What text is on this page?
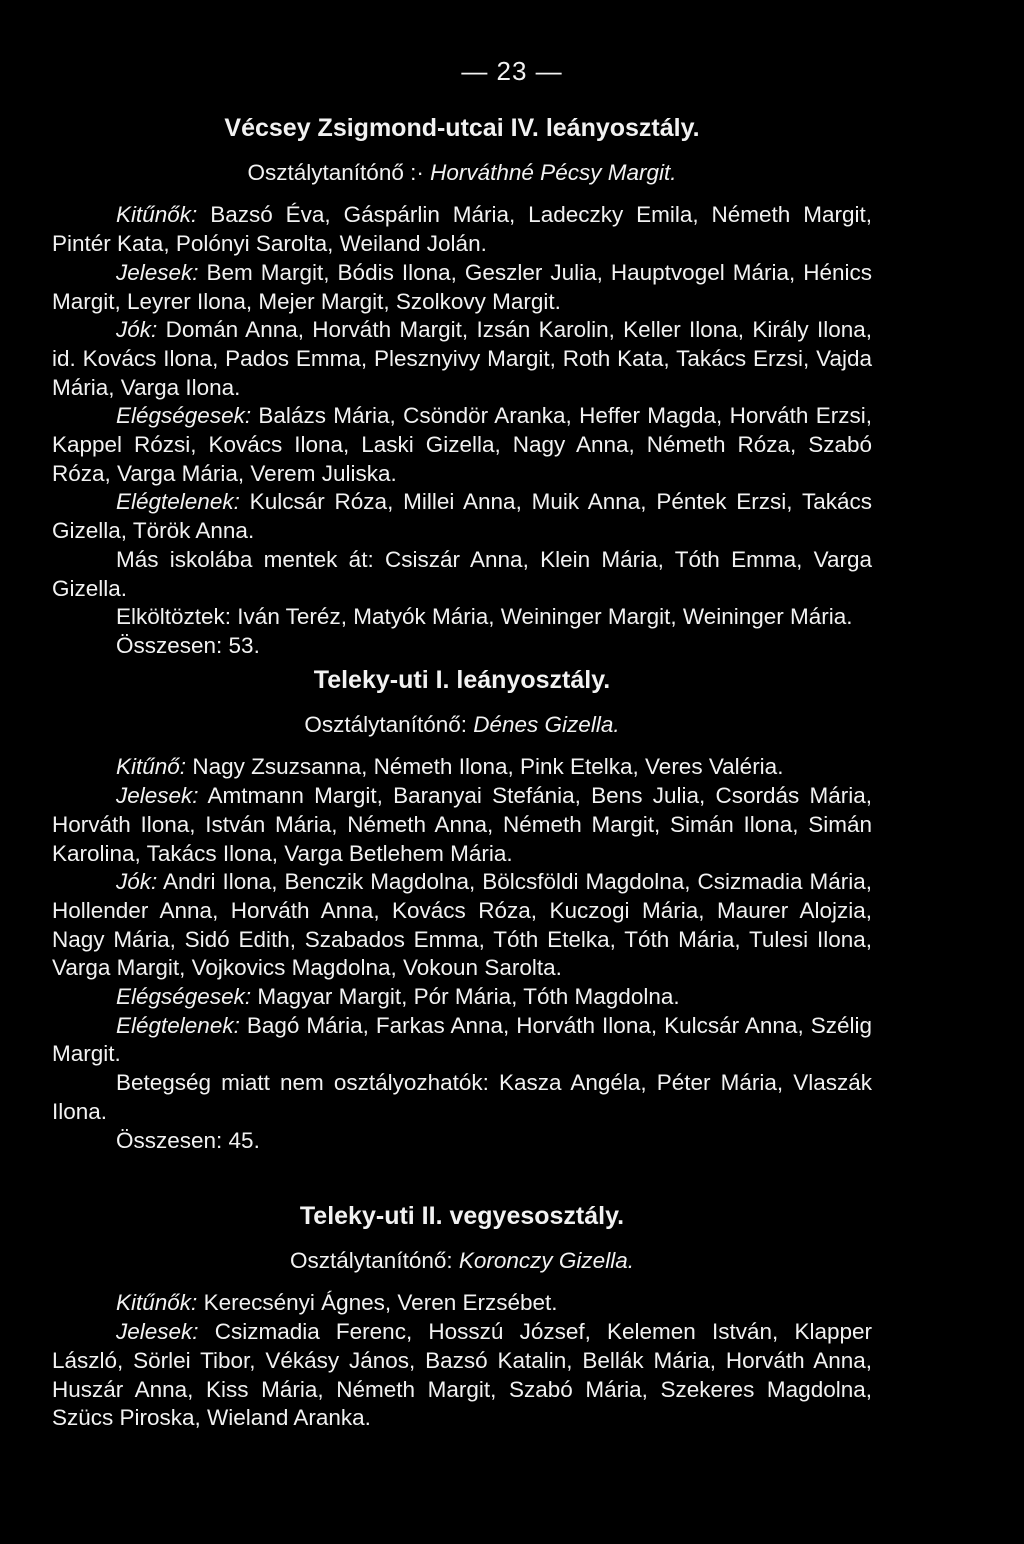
— 23 —
Vécsey Zsigmond-utcai IV. leányosztály.
Osztálytanítónő :· Horváthné Pécsy Margit.

Kitűnők: Bazsó Éva, Gáspárlin Mária, Ladeczky Emila, Németh Margit, Pintér Kata, Polónyi Sarolta, Weiland Jolán.

Jelesek: Bem Margit, Bódis Ilona, Geszler Julia, Hauptvogel Mária, Hénics Margit, Leyrer Ilona, Mejer Margit, Szolkovy Margit.

Jók: Domán Anna, Horváth Margit, Izsán Karolin, Keller Ilona, Király Ilona, id. Kovács Ilona, Pados Emma, Plesznyivy Margit, Roth Kata, Takács Erzsi, Vajda Mária, Varga Ilona.

Elégségesek: Balázs Mária, Csöndör Aranka, Heffer Magda, Horváth Erzsi, Kappel Rózsi, Kovács Ilona, Laski Gizella, Nagy Anna, Németh Róza, Szabó Róza, Varga Mária, Verem Juliska.

Elégtelenek: Kulcsár Róza, Millei Anna, Muik Anna, Péntek Erzsi, Takács Gizella, Török Anna.

Más iskolába mentek át: Csiszár Anna, Klein Mária, Tóth Emma, Varga Gizella.

Elköltöztek: Iván Teréz, Matyók Mária, Weininger Margit, Weininger Mária.

Összesen: 53.

Teleky-uti I. leányosztály.
Osztálytanítónő: Dénes Gizella.

Kitűnő: Nagy Zsuzsanna, Németh Ilona, Pink Etelka, Veres Valéria.

Jelesek: Amtmann Margit, Baranyai Stefánia, Bens Julia, Csordás Mária, Horváth Ilona, István Mária, Németh Anna, Németh Margit, Simán Ilona, Simán Karolina, Takács Ilona, Varga Betlehem Mária.

Jók: Andri Ilona, Benczik Magdolna, Bölcsföldi Magdolna, Csizmadia Mária, Hollender Anna, Horváth Anna, Kovács Róza, Kuczogi Mária, Maurer Alojzia, Nagy Mária, Sidó Edith, Szabados Emma, Tóth Etelka, Tóth Mária, Tulesi Ilona, Varga Margit, Vojkovics Magdolna, Vokoun Sarolta.

Elégségesek: Magyar Margit, Pór Mária, Tóth Magdolna.

Elégtelenek: Bagó Mária, Farkas Anna, Horváth Ilona, Kulcsár Anna, Szélig Margit.

Betegség miatt nem osztályozhatók: Kasza Angéla, Péter Mária, Vlaszák Ilona.

Összesen: 45.

Teleky-uti II. vegyesosztály.
Osztálytanítónő: Koronczy Gizella.

Kitűnők: Kerecsényi Ágnes, Veren Erzsébet.

Jelesek: Csizmadia Ferenc, Hosszú József, Kelemen István, Klapper László, Sörlei Tibor, Vékásy János, Bazsó Katalin, Bellák Mária, Horváth Anna, Huszár Anna, Kiss Mária, Németh Margit, Szabó Mária, Szekeres Magdolna, Szücs Piroska, Wieland Aranka.
